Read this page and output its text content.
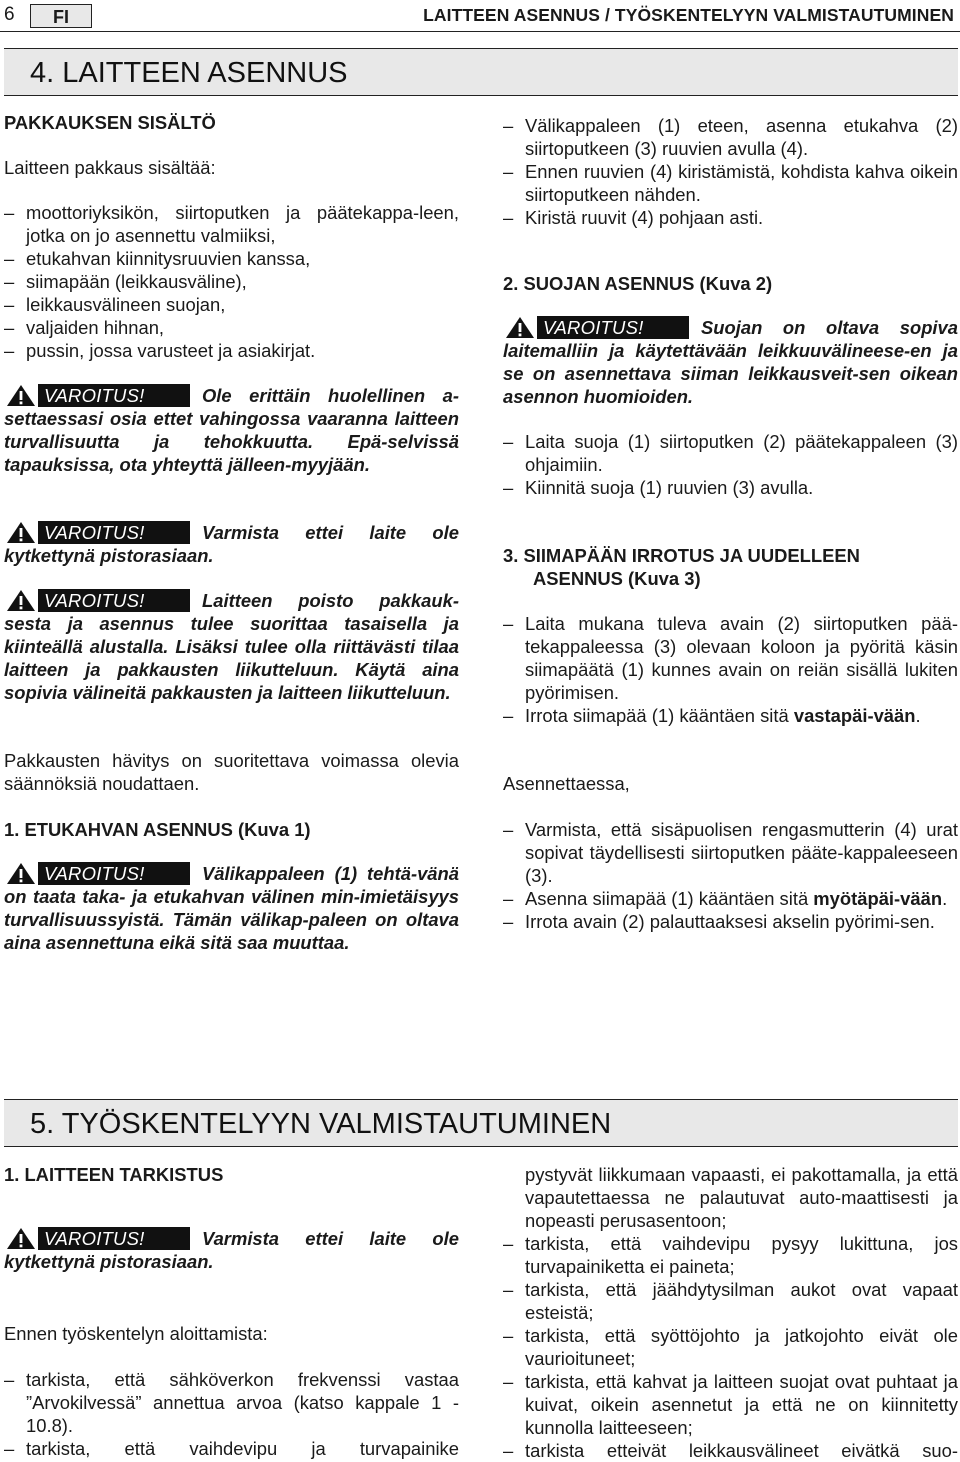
6	FI	LAITTEEN ASENNUS / TYÖSKENTELYYN VALMISTAUTUMINEN
4. LAITTEEN ASENNUS

PAKKAUKSEN SISÄLTÖ

Laitteen pakkaus sisältää:

– moottoriyksikön, siirtoputken ja päätekappa-leen, jotka on jo asennettu valmiiksi,

– etukahvan kiinnitysruuvien kanssa,

– siimapään (leikkausväline),

– leikkausvälineen suojan,

– valjaiden hihnan,

– pussin, jossa varusteet ja asiakirjat.

VAROITUS!	Ole erittäin huolellinen a-settaessasi osia ettet vahingossa vaaranna laitteen turvallisuutta ja tehokkuutta. Epä-selvissä tapauksissa, ota yhteyttä jälleen-myyjään.

VAROITUS!	Varmista ettei laite ole kytkettynä pistorasiaan.

VAROITUS!	Laitteen poisto pakkauk-sesta ja asennus tulee suorittaa tasaisella ja kiinteällä alustalla. Lisäksi tulee olla riittävästi tilaa laitteen ja pakkausten liikutteluun. Käytä aina sopivia välineitä pakkausten ja laitteen liikutteluun.

Pakkausten hävitys on suoritettava voimassa olevia säännöksiä noudattaen.

1. ETUKAHVAN ASENNUS (Kuva 1)

VAROITUS!	Välikappaleen (1) tehtä-vänä on taata taka- ja etukahvan välinen min-imietäisyys turvallisuussyistä. Tämän välikap-paleen on oltava aina asennettuna eikä sitä saa muuttaa.

– Välikappaleen (1) eteen, asenna etukahva (2) siirtoputkeen (3) ruuvien avulla (4).

– Ennen ruuvien (4) kiristämistä, kohdista kahva oikein siirtoputkeen nähden.

– Kiristä ruuvit (4) pohjaan asti.

2. SUOJAN ASENNUS (Kuva 2)

VAROITUS!	Suojan on oltava sopiva laitemalliin ja käytettävään leikkuuvälineese-en ja se on asennettava siiman leikkausveit-sen oikean asennon huomioiden.

– Laita suoja (1) siirtoputken (2) päätekappaleen (3) ohjaimiin.

– Kiinnitä suoja (1) ruuvien (3) avulla.

3. SIIMAPÄÄN IRROTUS JA UUDELLEEN

ASENNUS (Kuva 3)

– Laita mukana tuleva avain (2) siirtoputken pää-tekappaleessa (3) olevaan koloon ja pyöritä käsin siimapäätä (1) kunnes avain on reiän sisällä lukiten pyörimisen.

– Irrota siimapää (1) kääntäen sitä vastapäi-vään.

Asennettaessa,

– Varmista, että sisäpuolisen rengasmutterin (4) urat sopivat täydellisesti siirtoputken pääte-kappaleeseen (3).

– Asenna siimapää (1) kääntäen sitä myötäpäi-vään.

– Irrota avain (2) palauttaaksesi akselin pyörimi-sen.

5. TYÖSKENTELYYN VALMISTAUTUMINEN

1. LAITTEEN TARKISTUS

VAROITUS!	Varmista ettei laite ole kytkettynä pistorasiaan.

Ennen työskentelyn aloittamista:

– tarkista, että sähköverkon frekvenssi vastaa ”Arvokilvessä” annettua arvoa (katso kappale 1 - 10.8).

– tarkista, että vaihdevipu ja turvapainike

pystyvät liikkumaan vapaasti, ei pakottamalla, ja että vapautettaessa ne palautuvat auto-maattisesti ja nopeasti perusasentoon;

– tarkista, että vaihdevipu pysyy lukittuna, jos turvapainiketta ei paineta;

– tarkista, että jäähdytysilman aukot ovat vapaat esteistä;

– tarkista, että syöttöjohto ja jatkojohto eivät ole vaurioituneet;

– tarkista, että kahvat ja laitteen suojat ovat puhtaat ja kuivat, oikein asennetut ja että ne on kiinnitetty kunnolla laitteeseen;

– tarkista etteivät leikkausvälineet eivätkä suo-
